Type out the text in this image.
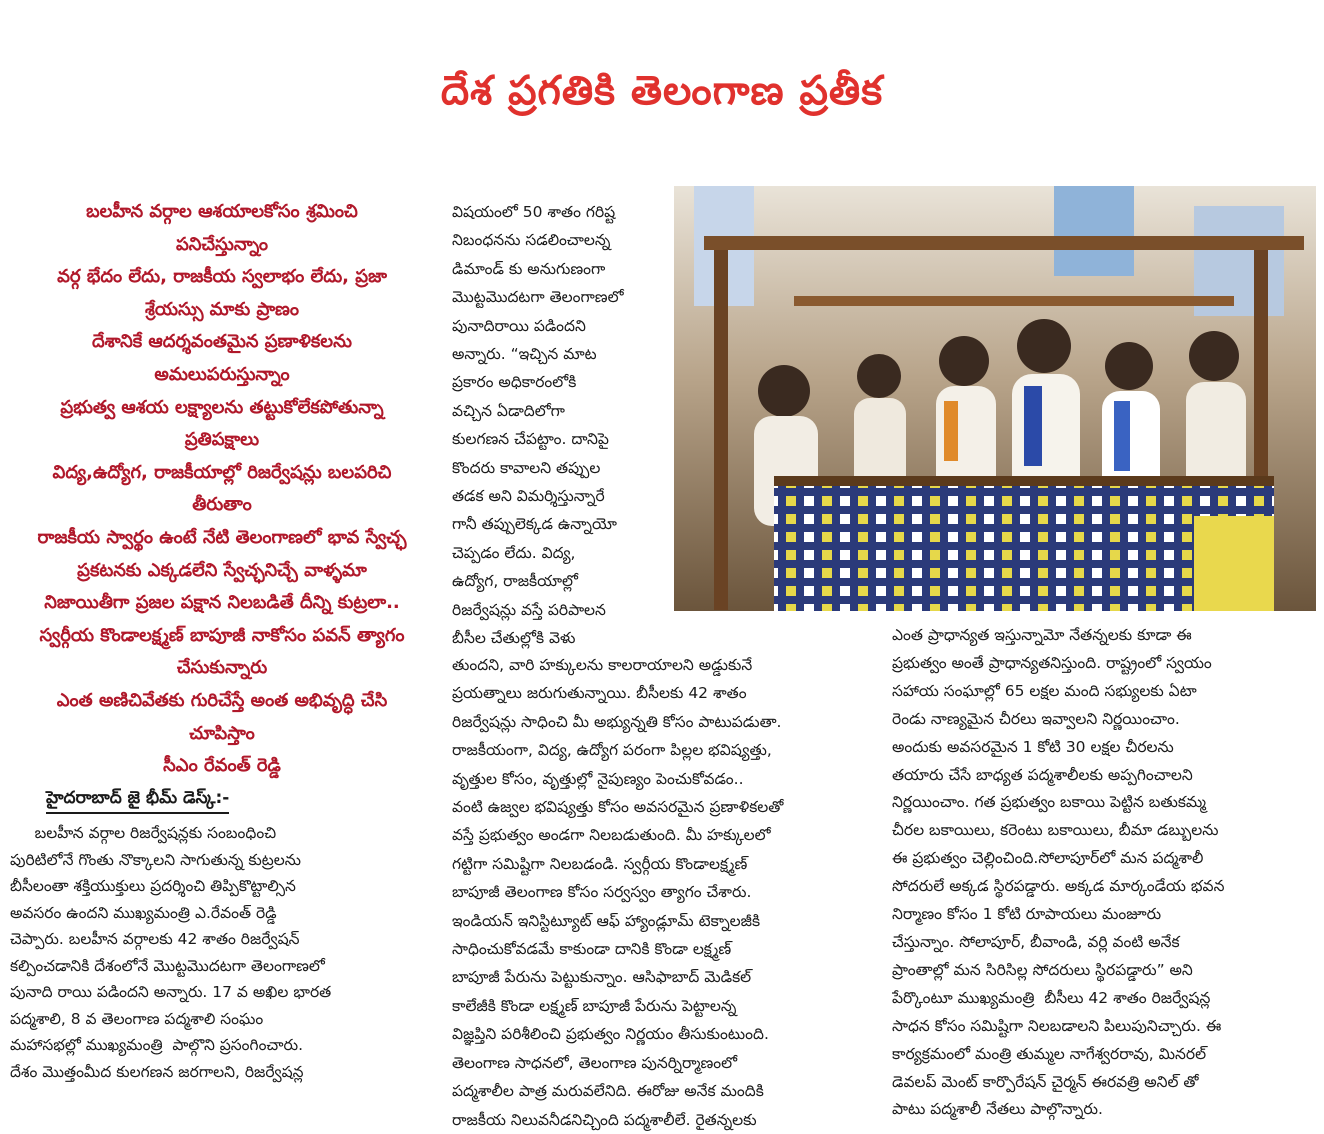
దేశ ప్రగతికి తెలంగాణ ప్రతీక
బలహీన వర్గాల ఆశయాలకోసం శ్రమించి
పనిచేస్తున్నాం
వర్గ భేదం లేదు, రాజకీయ స్వలాభం లేదు, ప్రజా
శ్రేయస్సు మాకు ప్రాణం
దేశానికే ఆదర్శవంతమైన ప్రణాళికలను
అమలుపరుస్తున్నాం
ప్రభుత్వ ఆశయ లక్ష్యాలను తట్టుకోలేకపోతున్నా
ప్రతిపక్షాలు
విద్య,ఉద్యోగ, రాజకీయాల్లో రిజర్వేషన్లు బలపరిచి
తీరుతాం
రాజకీయ స్వార్థం ఉంటే నేటి తెలంగాణలో భావ స్వేచ్ఛ
ప్రకటనకు ఎక్కడలేని స్వేచ్ఛనిచ్చే వాళ్ళమా
నిజాయితీగా ప్రజల పక్షాన నిలబడితే దీన్ని కుట్రలా..
స్వర్గీయ కొండాలక్ష్మణ్ బాపూజీ నాకోసం పవన్ త్యాగం
చేసుకున్నారు
ఎంత అణిచివేతకు గురిచేస్తే అంత అభివృద్ధి చేసి
చూపిస్తాం
సీఎం రేవంత్ రెడ్డి
హైదరాబాద్ జై భీమ్ డెస్క్:-
బలహీన వర్గాల రిజర్వేషన్లకు సంబంధించి
పురిటిలోనే గొంతు నొక్కాలని సాగుతున్న కుట్రలను
బీసీలంతా శక్తియుక్తులు ప్రదర్శించి తిప్పికొట్టాల్సిన
అవసరం ఉందని ముఖ్యమంత్రి ఎ.రేవంత్ రెడ్డి
చెప్పారు. బలహీన వర్గాలకు 42 శాతం రిజర్వేషన్
కల్పించడానికి దేశంలోనే మొట్టమొదటగా తెలంగాణలో
పునాది రాయి పడిందని అన్నారు. 17 వ అఖిల భారత
పద్మశాలి, 8 వ తెలంగాణ పద్మశాలి సంఘం
మహాసభల్లో ముఖ్యమంత్రి  పాల్గొని ప్రసంగించారు.
దేశం మొత్తంమీద కులగణన జరగాలని, రిజర్వేషన్ల
విషయంలో 50 శాతం గరిష్ట
నిబంధనను సడలించాలన్న
డిమాండ్ కు అనుగుణంగా
మొట్టమొదటగా తెలంగాణలో
పునాదిరాయి పడిందని
అన్నారు. “ఇచ్చిన మాట
ప్రకారం అధికారంలోకి
వచ్చిన ఏడాదిలోగా
కులగణన చేపట్టాం. దానిపై
కొందరు కావాలని తప్పుల
తడక అని విమర్శిస్తున్నారే
గానీ తప్పులెక్కడ ఉన్నాయో
చెప్పడం లేదు. విద్య,
ఉద్యోగ, రాజకీయాల్లో
రిజర్వేషన్లు వస్తే పరిపాలన
బీసీల చేతుల్లోకి వెళు
తుందని, వారి హక్కులను కాలరాయాలని అడ్డుకునే
ప్రయత్నాలు జరుగుతున్నాయి. బీసీలకు 42 శాతం
రిజర్వేషన్లు సాధించి మీ అభ్యున్నతి కోసం పాటుపడుతా.
రాజకీయంగా, విద్య, ఉద్యోగ పరంగా పిల్లల భవిష్యత్తు,
వృత్తుల కోసం, వృత్తుల్లో నైపుణ్యం పెంచుకోవడం..
వంటి ఉజ్వల భవిష్యత్తు కోసం అవసరమైన ప్రణాళికలతో
వస్తే ప్రభుత్వం అండగా నిలబడుతుంది. మీ హక్కులలో
గట్టిగా సమిష్టిగా నిలబడండి. స్వర్గీయ కొండాలక్ష్మణ్
బాపూజీ తెలంగాణ కోసం సర్వస్వం త్యాగం చేశారు.
ఇండియన్ ఇనిస్టిట్యూట్ ఆఫ్ హ్యాండ్లూమ్ టెక్నాలజీకి
సాధించుకోవడమే కాకుండా దానికి కొండా లక్ష్మణ్
బాపూజీ పేరును పెట్టుకున్నాం. ఆసిఫాబాద్ మెడికల్
కాలేజీకి కొండా లక్ష్మణ్ బాపూజీ పేరును పెట్టాలన్న
విజ్ఞప్తిని పరిశీలించి ప్రభుత్వం నిర్ణయం తీసుకుంటుంది.
తెలంగాణ సాధనలో, తెలంగాణ పునర్నిర్మాణంలో
పద్మశాలీల పాత్ర మరువలేనిది. ఈరోజు అనేక మందికి
రాజకీయ నిలువనీడనిచ్చింది పద్మశాలీలే. రైతన్నలకు
ఎంత ప్రాధాన్యత ఇస్తున్నామో నేతన్నలకు కూడా ఈ
ప్రభుత్వం అంతే ప్రాధాన్యతనిస్తుంది. రాష్ట్రంలో స్వయం
సహాయ సంఘాల్లో 65 లక్షల మంది సభ్యులకు ఏటా
రెండు నాణ్యమైన చీరలు ఇవ్వాలని నిర్ణయించాం.
అందుకు అవసరమైన 1 కోటి 30 లక్షల చీరలను
తయారు చేసే బాధ్యత పద్మశాలీలకు అప్పగించాలని
నిర్ణయించాం. గత ప్రభుత్వం బకాయి పెట్టిన బతుకమ్మ
చీరల బకాయిలు, కరెంటు బకాయిలు, బీమా డబ్బులను
ఈ ప్రభుత్వం చెల్లించింది.సోలాపూర్‌లో మన పద్మశాలీ
సోదరులే అక్కడ స్థిరపడ్డారు. అక్కడ మార్కండేయ భవన
నిర్మాణం కోసం 1 కోటి రూపాయలు మంజూరు
చేస్తున్నాం. సోలాపూర్, బీవాండి, వర్లి వంటి అనేక
ప్రాంతాల్లో మన సిరిసిల్ల సోదరులు స్థిరపడ్డారు” అని
పేర్కొంటూ ముఖ్యమంత్రి  బీసీలు 42 శాతం రిజర్వేషన్ల
సాధన కోసం సమిష్టిగా నిలబడాలని పిలుపునిచ్చారు. ఈ
కార్యక్రమంలో మంత్రి తుమ్మల నాగేశ్వరరావు, మినరల్
డెవలప్ మెంట్ కార్పొరేషన్ చైర్మన్ ఈరవత్రి అనిల్ తో
పాటు పద్మశాలీ నేతలు పాల్గొన్నారు.
